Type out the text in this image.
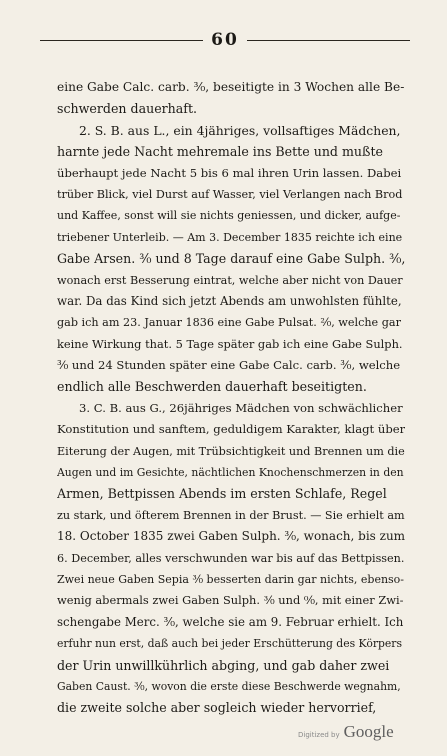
60
eine Gabe Calc. carb. ³⁄₀, beseitigte in 3 Wochen alle Be-
schwerden dauerhaft.
2. S. B. aus L., ein 4jähriges, vollsaftiges Mädchen,
harnte jede Nacht mehremale ins Bette und mußte
überhaupt jede Nacht 5 bis 6 mal ihren Urin lassen. Dabei
trüber Blick, viel Durst auf Wasser, viel Verlangen nach Brod
und Kaffee, sonst will sie nichts geniessen, und dicker, aufge-
triebener Unterleib. — Am 3. December 1835 reichte ich eine
Gabe Arsen. ³⁄₀ und 8 Tage darauf eine Gabe Sulph. ³⁄₀,
wonach erst Besserung eintrat, welche aber nicht von Dauer
war. Da das Kind sich jetzt Abends am unwohlsten fühlte,
gab ich am 23. Januar 1836 eine Gabe Pulsat. ²⁄₀, welche gar
keine Wirkung that. 5 Tage später gab ich eine Gabe Sulph.
³⁄₀ und 24 Stunden später eine Gabe Calc. carb. ³⁄₀, welche
endlich alle Beschwerden dauerhaft beseitigten.
3. C. B. aus G., 26jähriges Mädchen von schwächlicher
Konstitution und sanftem, geduldigem Karakter, klagt über
Eiterung der Augen, mit Trübsichtigkeit und Brennen um die
Augen und im Gesichte, nächtlichen Knochenschmerzen in den
Armen, Bettpissen Abends im ersten Schlafe, Regel
zu stark, und öfterem Brennen in der Brust. — Sie erhielt am
18. October 1835 zwei Gaben Sulph. ³⁄₀, wonach, bis zum
6. December, alles verschwunden war bis auf das Bettpissen.
Zwei neue Gaben Sepia ³⁄₀ besserten darin gar nichts, ebenso-
wenig abermals zwei Gaben Sulph. ³⁄₀ und ⁰⁄₀, mit einer Zwi-
schengabe Merc. ³⁄₀, welche sie am 9. Februar erhielt. Ich
erfuhr nun erst, daß auch bei jeder Erschütterung des Körpers
der Urin unwillkührlich abging, und gab daher zwei
Gaben Caust. ³⁄₀, wovon die erste diese Beschwerde wegnahm,
die zweite solche aber sogleich wieder hervorrief,
Digitized by Google
